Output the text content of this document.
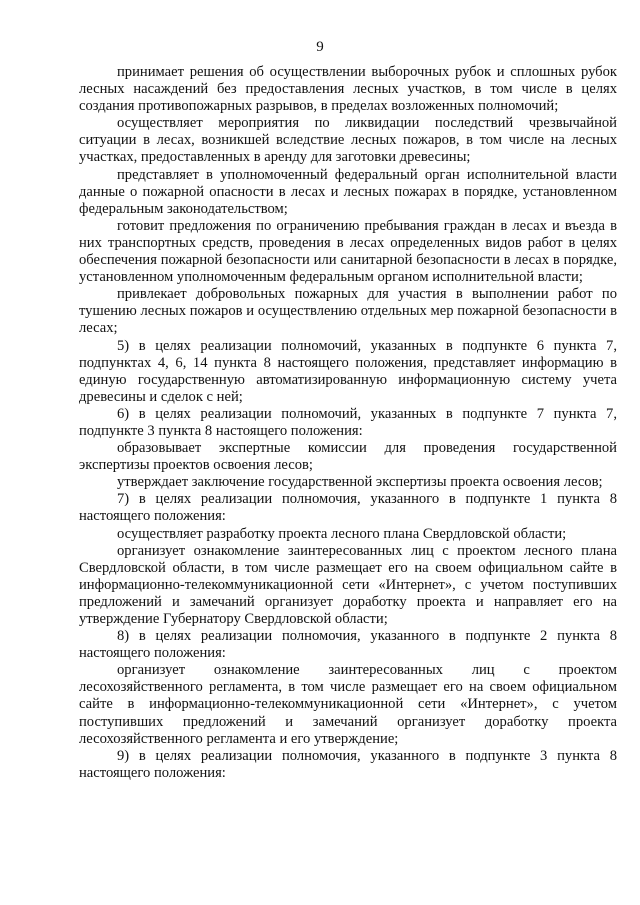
9

принимает решения об осуществлении выборочных рубок и сплошных рубок лесных насаждений без предоставления лесных участков, в том числе в целях создания противопожарных разрывов, в пределах возложенных полномочий;

осуществляет мероприятия по ликвидации последствий чрезвычайной ситуации в лесах, возникшей вследствие лесных пожаров, в том числе на лесных участках, предоставленных в аренду для заготовки древесины;

представляет в уполномоченный федеральный орган исполнительной власти данные о пожарной опасности в лесах и лесных пожарах в порядке, установленном федеральным законодательством;

готовит предложения по ограничению пребывания граждан в лесах и въезда в них транспортных средств, проведения в лесах определенных видов работ в целях обеспечения пожарной безопасности или санитарной безопасности в лесах в порядке, установленном уполномоченным федеральным органом исполнительной власти;

привлекает добровольных пожарных для участия в выполнении работ по тушению лесных пожаров и осуществлению отдельных мер пожарной безопасности в лесах;

5) в целях реализации полномочий, указанных в подпункте 6 пункта 7, подпунктах 4, 6, 14 пункта 8 настоящего положения, представляет информацию в единую государственную автоматизированную информационную систему учета древесины и сделок с ней;

6) в целях реализации полномочий, указанных в подпункте 7 пункта 7, подпункте 3 пункта 8 настоящего положения:

образовывает экспертные комиссии для проведения государственной экспертизы проектов освоения лесов;

утверждает заключение государственной экспертизы проекта освоения лесов;

7) в целях реализации полномочия, указанного в подпункте 1 пункта 8 настоящего положения:

осуществляет разработку проекта лесного плана Свердловской области;

организует ознакомление заинтересованных лиц с проектом лесного плана Свердловской области, в том числе размещает его на своем официальном сайте в информационно-телекоммуникационной сети «Интернет», с учетом поступивших предложений и замечаний организует доработку проекта и направляет его на утверждение Губернатору Свердловской области;

8) в целях реализации полномочия, указанного в подпункте 2 пункта 8 настоящего положения:

организует ознакомление заинтересованных лиц с проектом лесохозяйственного регламента, в том числе размещает его на своем официальном сайте в информационно-телекоммуникационной сети «Интернет», с учетом поступивших предложений и замечаний организует доработку проекта лесохозяйственного регламента и его утверждение;

9) в целях реализации полномочия, указанного в подпункте 3 пункта 8 настоящего положения:
